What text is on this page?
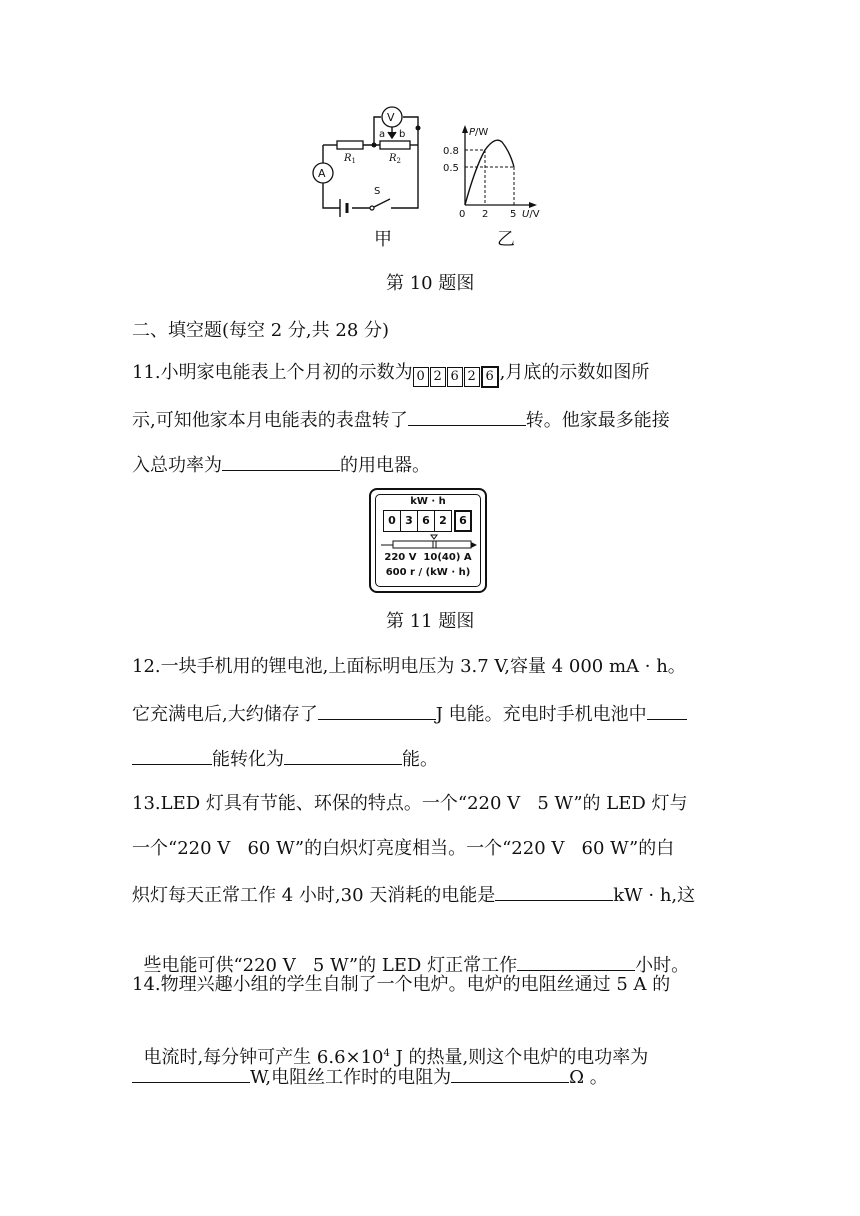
V
A
a b
S
$R_1$	$R_2$
P/W
0.8
0.5
0 2 5 U/V
甲	乙
第 10 题图
二、填空题(每空 2 分,共 28 分)
11.小明家电能表上个月初的示数为 0 2 6 2 6 ,月底的示数如图所
示,可知他家本月电能表的表盘转了	转。他家最多能接
入总功率为	的用电器。
kW · h
0 3 6 2	6
220 V  10(40) A
600 r / (kW · h)
第 11 题图
12.一块手机用的锂电池,上面标明电压为 3.7 V,容量 4 000 mA · h。
它充满电后,大约储存了	J 电能。充电时手机电池中
能转化为	能。
13.LED 灯具有节能、环保的特点。一个“220 V   5 W”的 LED 灯与
一个“220 V   60 W”的白炽灯亮度相当。一个“220 V   60 W”的白
炽灯每天正常工作 4 小时,30 天消耗的电能是	kW · h,这

些电能可供“220 V   5 W”的 LED 灯正常工作	小时。

14.物理兴趣小组的学生自制了一个电炉。电炉的电阻丝通过 5 A 的

电流时,每分钟可产生 $6.6\times 10^4$ J 的热量,则这个电炉的电功率为

W,电阻丝工作时的电阻为	Ω 。
